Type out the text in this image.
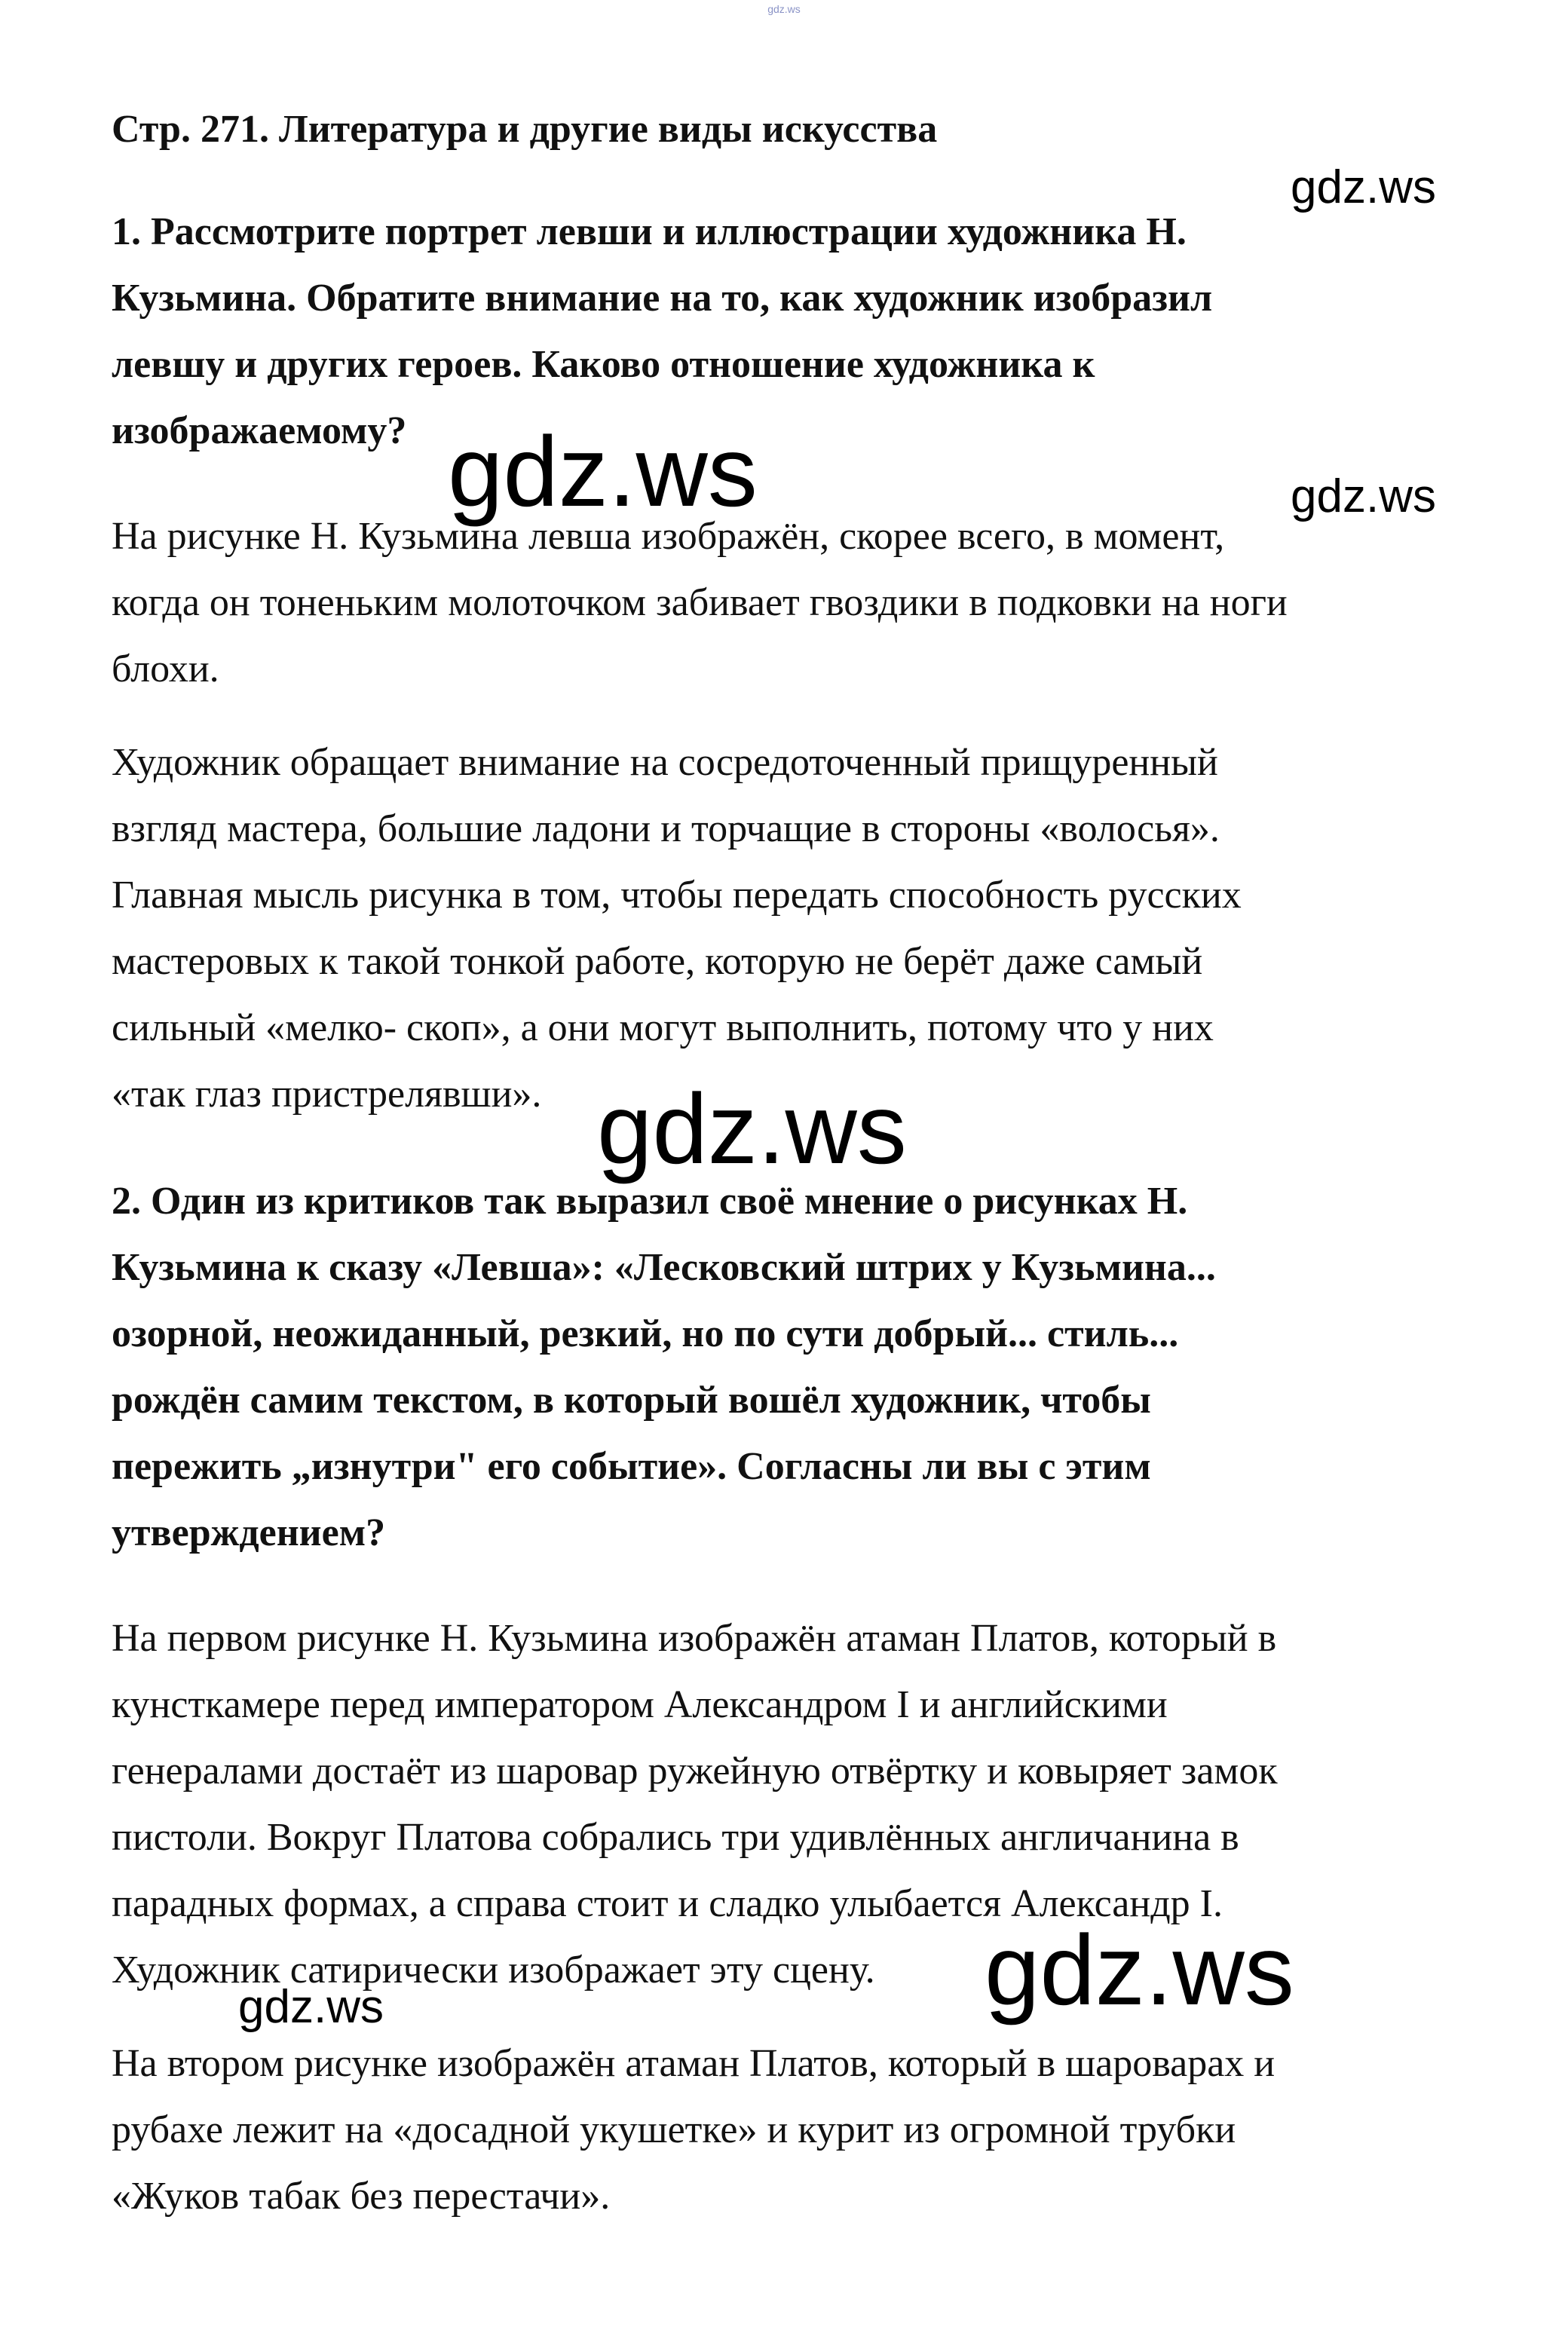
gdz.ws
Стр. 271. Литература и другие виды искусства
1. Рассмотрите портрет левши и иллюстрации художника Н.
Кузьмина. Обратите внимание на то, как художник изобразил
левшу и других героев. Каково отношение художника к
изображаемому?
На рисунке Н. Кузьмина левша изображён, скорее всего, в момент,
когда он тоненьким молоточком забивает гвоздики в подковки на ноги
блохи.
Художник обращает внимание на сосредоточенный прищуренный
взгляд мастера, большие ладони и торчащие в стороны «волосья».
Главная мысль рисунка в том, чтобы передать способность русских
мастеровых к такой тонкой работе, которую не берёт даже самый
сильный «мелко- скоп», а они могут выполнить, потому что у них
«так глаз пристрелявши».
2. Один из критиков так выразил своё мнение о рисунках Н.
Кузьмина к сказу «Левша»: «Лесковский штрих у Кузьмина...
озорной, неожиданный, резкий, но по сути добрый... стиль...
рождён самим текстом, в который вошёл художник, чтобы
пережить „изнутри" его событие». Согласны ли вы с этим
утверждением?
На первом рисунке Н. Кузьмина изображён атаман Платов, который в
кунсткамере перед императором Александром I и английскими
генералами достаёт из шаровар ружейную отвёртку и ковыряет замок
пистоли. Вокруг Платова собрались три удивлённых англичанина в
парадных формах, а справа стоит и сладко улыбается Александр I.
Художник сатирически изображает эту сцену.
На втором рисунке изображён атаман Платов, который в шароварах и
рубахе лежит на «досадной укушетке» и курит из огромной трубки
«Жуков табак без перестачи».
gdz.ws
gdz.ws	gdz.ws
gdz.ws
gdz.ws
gdz.ws
